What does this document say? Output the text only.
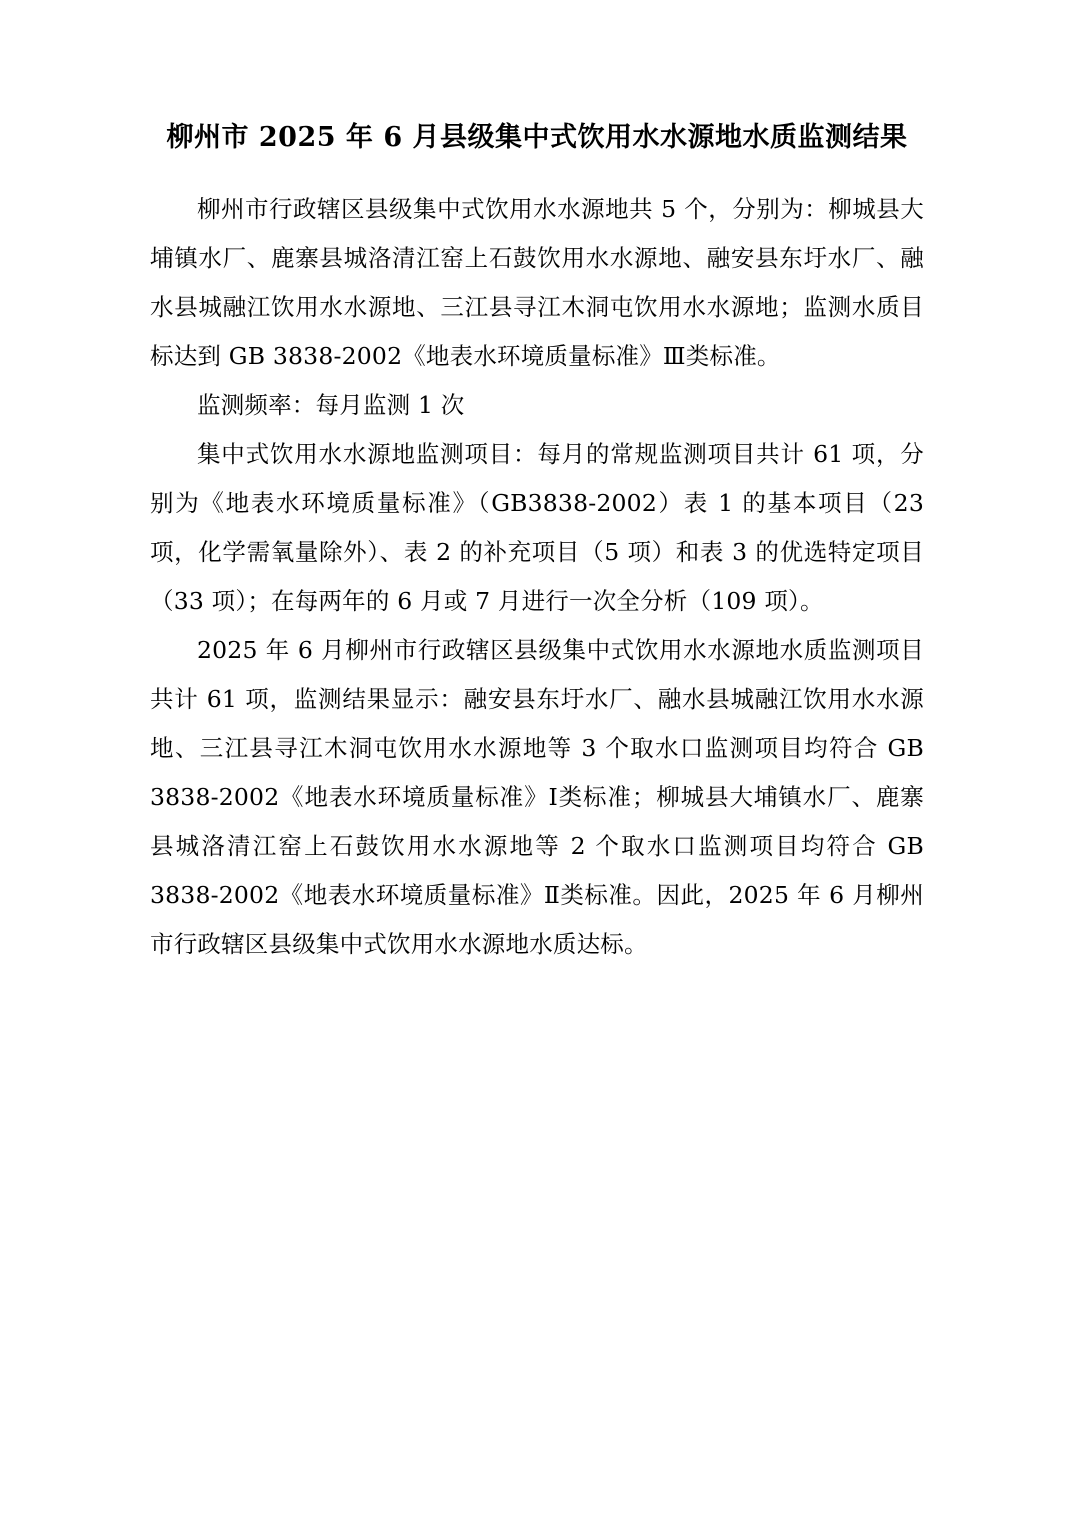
柳州市 2025 年 6 月县级集中式饮用水水源地水质监测结果

柳州市行政辖区县级集中式饮用水水源地共 5 个，分别为：柳城县大埔镇水厂、鹿寨县城洛清江窑上石鼓饮用水水源地、融安县东圩水厂、融水县城融江饮用水水源地、三江县寻江木洞屯饮用水水源地；监测水质目标达到 GB 3838-2002《地表水环境质量标准》Ⅲ类标准。

监测频率：每月监测 1 次

集中式饮用水水源地监测项目：每月的常规监测项目共计 61 项，分别为《地表水环境质量标准》（GB3838-2002）表 1 的基本项目（23 项，化学需氧量除外）、表 2 的补充项目（5 项）和表 3 的优选特定项目（33 项）；在每两年的 6 月或 7 月进行一次全分析（109 项）。

2025 年 6 月柳州市行政辖区县级集中式饮用水水源地水质监测项目共计 61 项，监测结果显示：融安县东圩水厂、融水县城融江饮用水水源地、三江县寻江木洞屯饮用水水源地等 3 个取水口监测项目均符合 GB 3838-2002《地表水环境质量标准》Ⅰ类标准；柳城县大埔镇水厂、鹿寨县城洛清江窑上石鼓饮用水水源地等 2 个取水口监测项目均符合 GB 3838-2002《地表水环境质量标准》Ⅱ类标准。因此，2025 年 6 月柳州市行政辖区县级集中式饮用水水源地水质达标。
